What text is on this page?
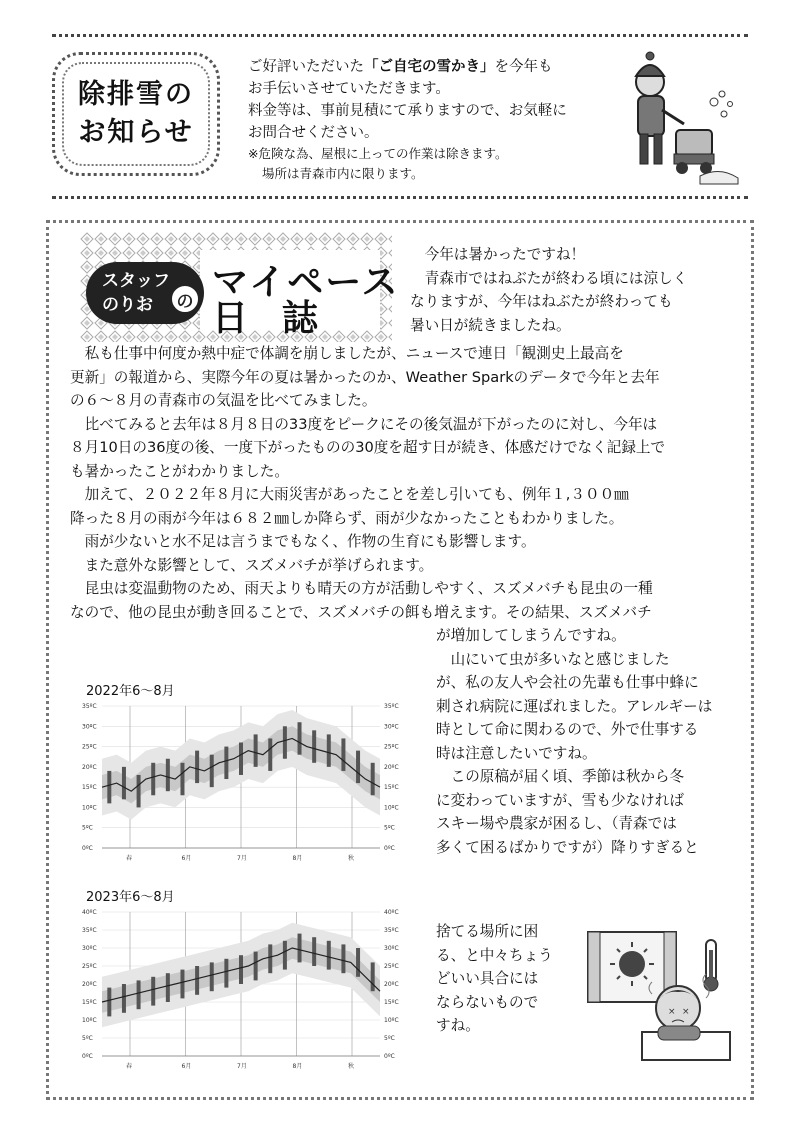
除排雪の
お知らせ

ご好評いただいた「ご自宅の雪かき」を今年も

お手伝いさせていただきます。

料金等は、事前見積にて承りますので、お気軽に

お問合せください。

※危険な為、屋根に上っての作業は除きます。

場所は青森市内に限ります。

スタッフ
のりお	の マイペース
日誌

今年は暑かったですね！

青森市ではねぶたが終わる頃には涼しく

なりますが、今年はねぶたが終わっても

暑い日が続きましたね。

私も仕事中何度か熱中症で体調を崩しましたが、ニュースで連日「観測史上最高を

更新」の報道から、実際今年の夏は暑かったのか、Weather Sparkのデータで今年と去年

の６～８月の青森市の気温を比べてみました。

比べてみると去年は８月８日の33度をピークにその後気温が下がったのに対し、今年は

８月10日の36度の後、一度下がったものの30度を超す日が続き、体感だけでなく記録上で

も暑かったことがわかりました。

加えて、２０２２年８月に大雨災害があったことを差し引いても、例年１,３００㎜

降った８月の雨が今年は６８２㎜しか降らず、雨が少なかったこともわかりました。

雨が少ないと水不足は言うまでもなく、作物の生育にも影響します。

また意外な影響として、スズメバチが挙げられます。

昆虫は変温動物のため、雨天よりも晴天の方が活動しやすく、スズメバチも昆虫の一種

なので、他の昆虫が動き回ることで、スズメバチの餌も増えます。その結果、スズメバチ

が増加してしまうんですね。

山にいて虫が多いなと感じました

が、私の友人や会社の先輩も仕事中蜂に

刺され病院に運ばれました。アレルギーは

時として命に関わるので、外で仕事する

時は注意したいですね。

この原稿が届く頃、季節は秋から冬

に変わっていますが、雪も少なければ

スキー場や農家が困るし、（青森では

多くて困るばかりですが）降りすぎると

捨てる場所に困

る、と中々ちょう

どいい具合には

ならないもので

すね。

2022年6～8月
0ºC	0ºC
5ºC	5ºC
10ºC	10ºC
15ºC	15ºC
20ºC	20ºC
25ºC	25ºC
30ºC	30ºC
35ºC	35ºC
春	6月	7月	8月	秋
2023年6～8月
0ºC	0ºC
5ºC	5ºC
10ºC	10ºC
15ºC	15ºC
20ºC	20ºC
25ºC	25ºC
30ºC	30ºC
35ºC	35ºC
40ºC	40ºC
春	6月	7月	8月	秋
× ×
